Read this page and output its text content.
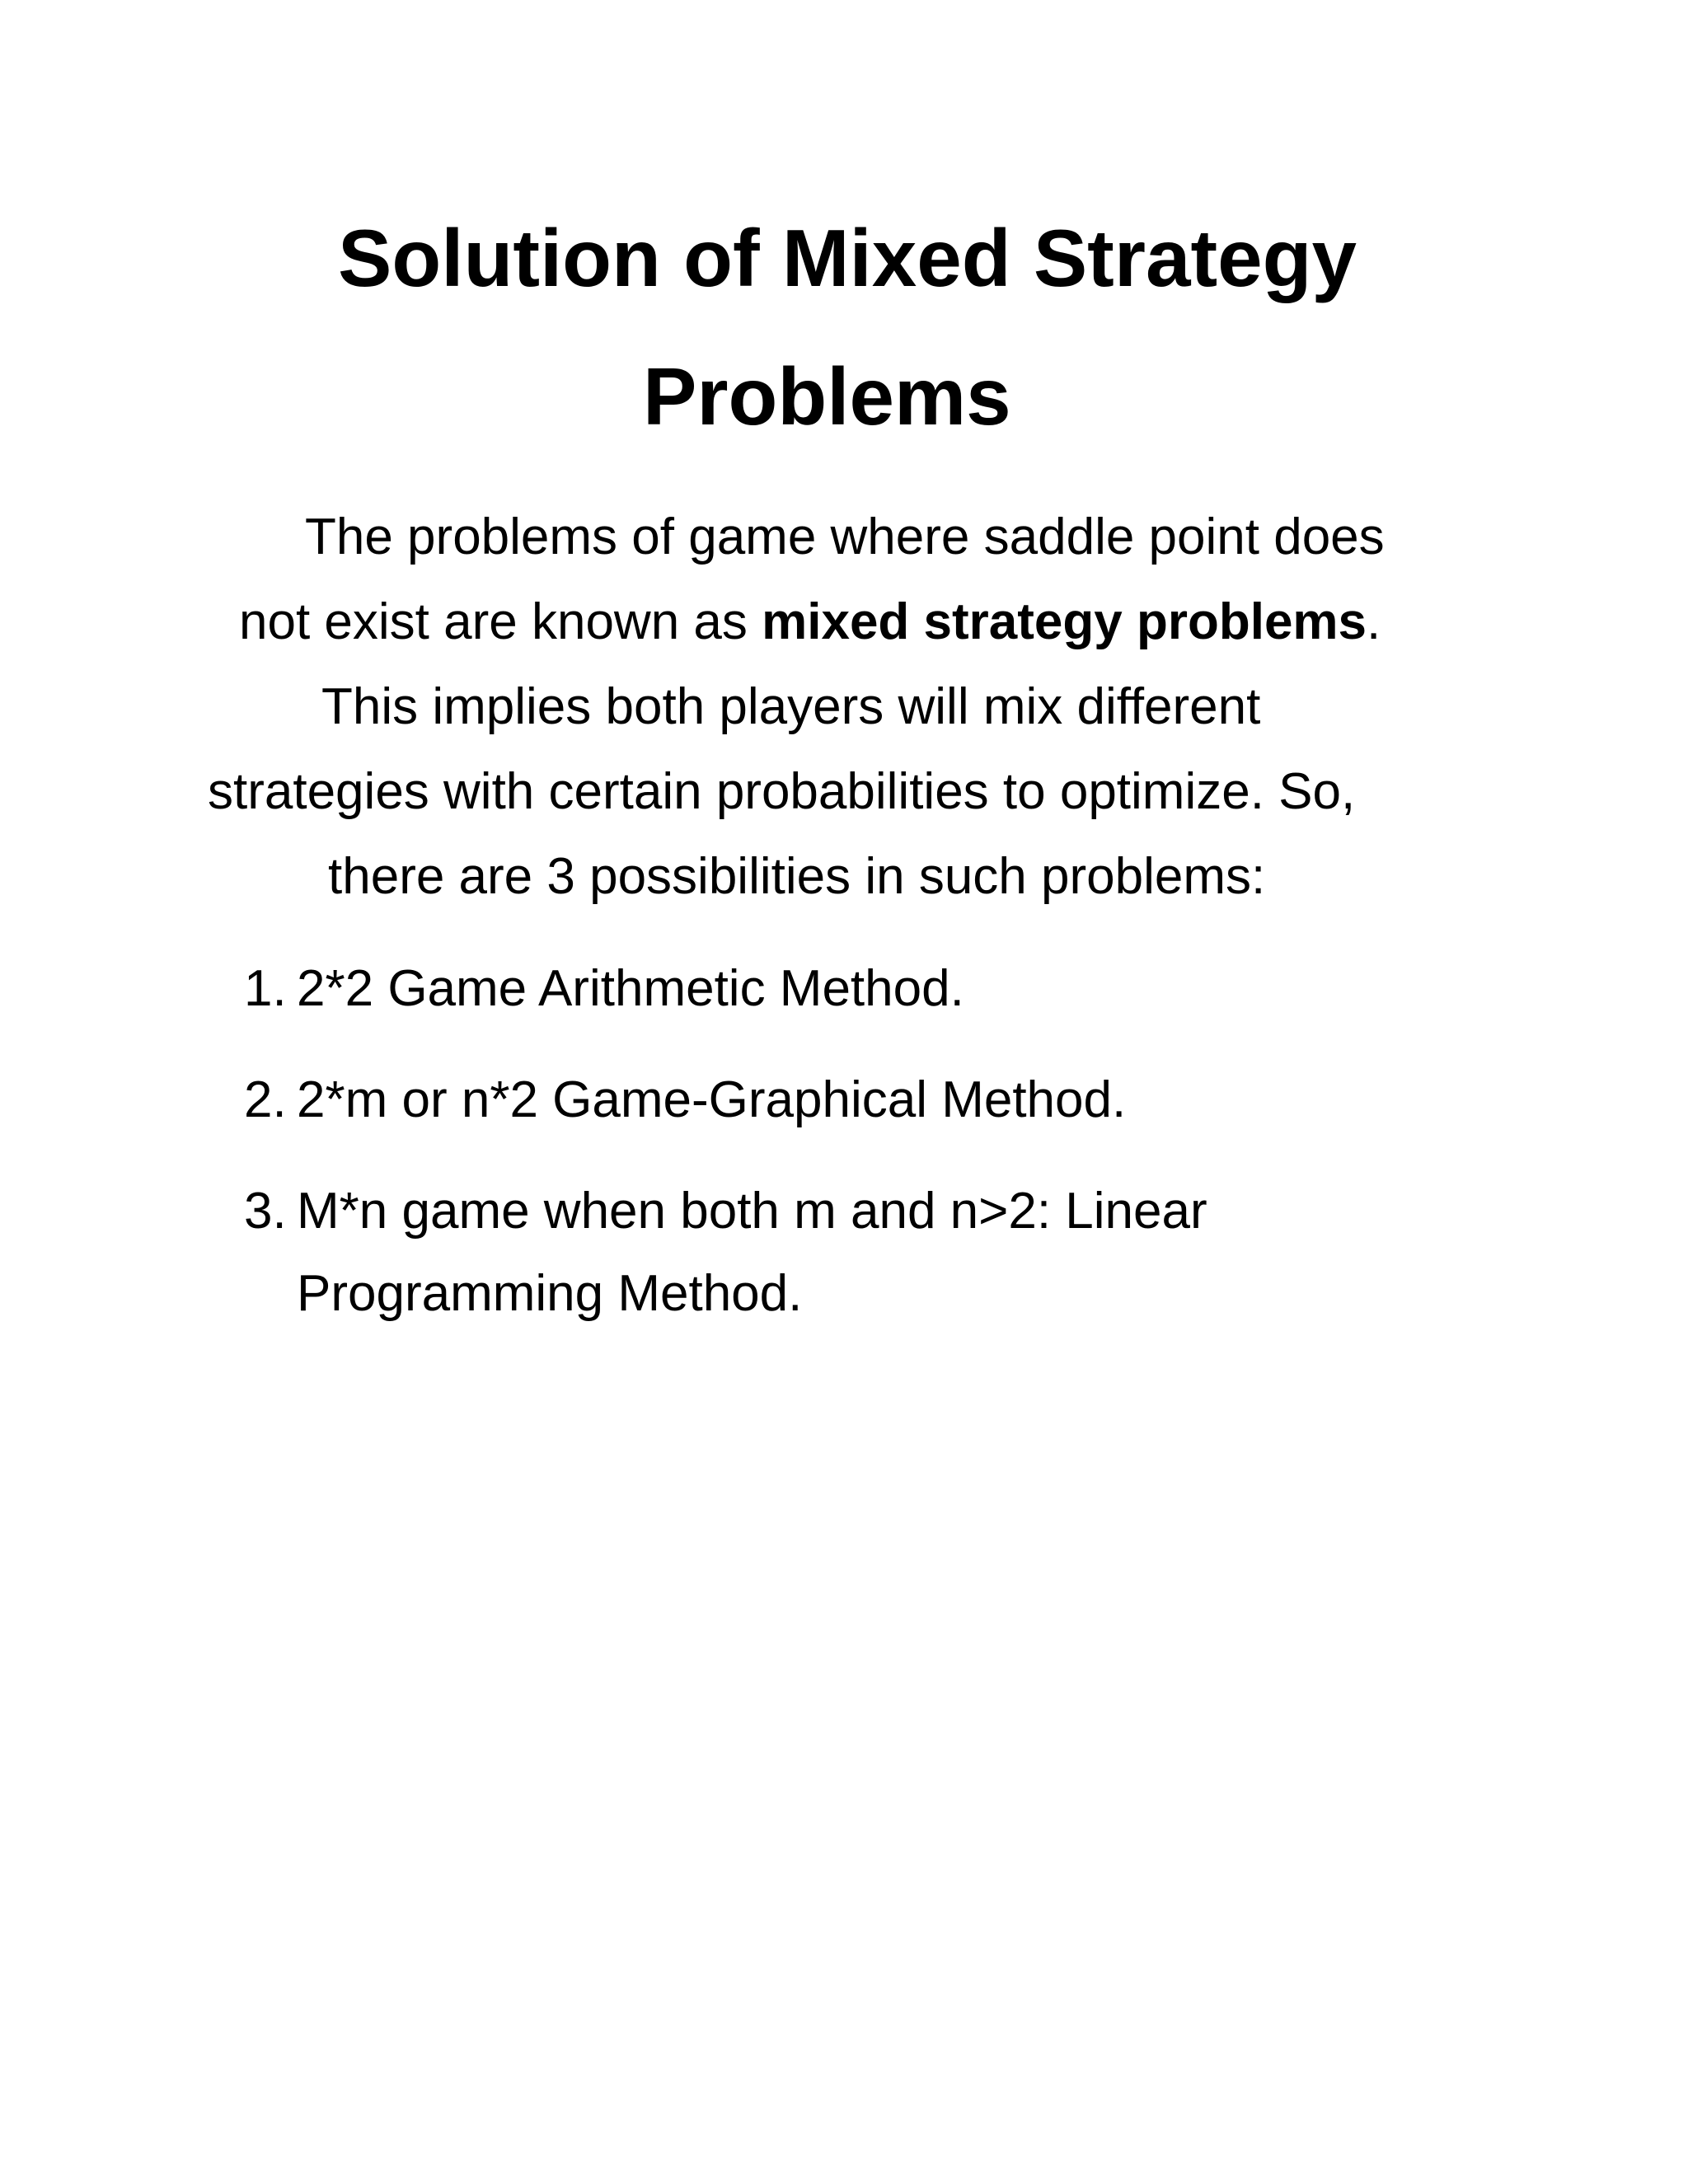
Solution of Mixed Strategy
Problems
The problems of game where saddle point does
not exist are known as mixed strategy problems.
This implies both players will mix different
strategies with certain probabilities to optimize. So,
there are 3 possibilities in such problems:
1. 2*2 Game Arithmetic Method.
2. 2*m or n*2 Game-Graphical Method.
3. M*n game when both m and n>2: Linear Programming Method.
